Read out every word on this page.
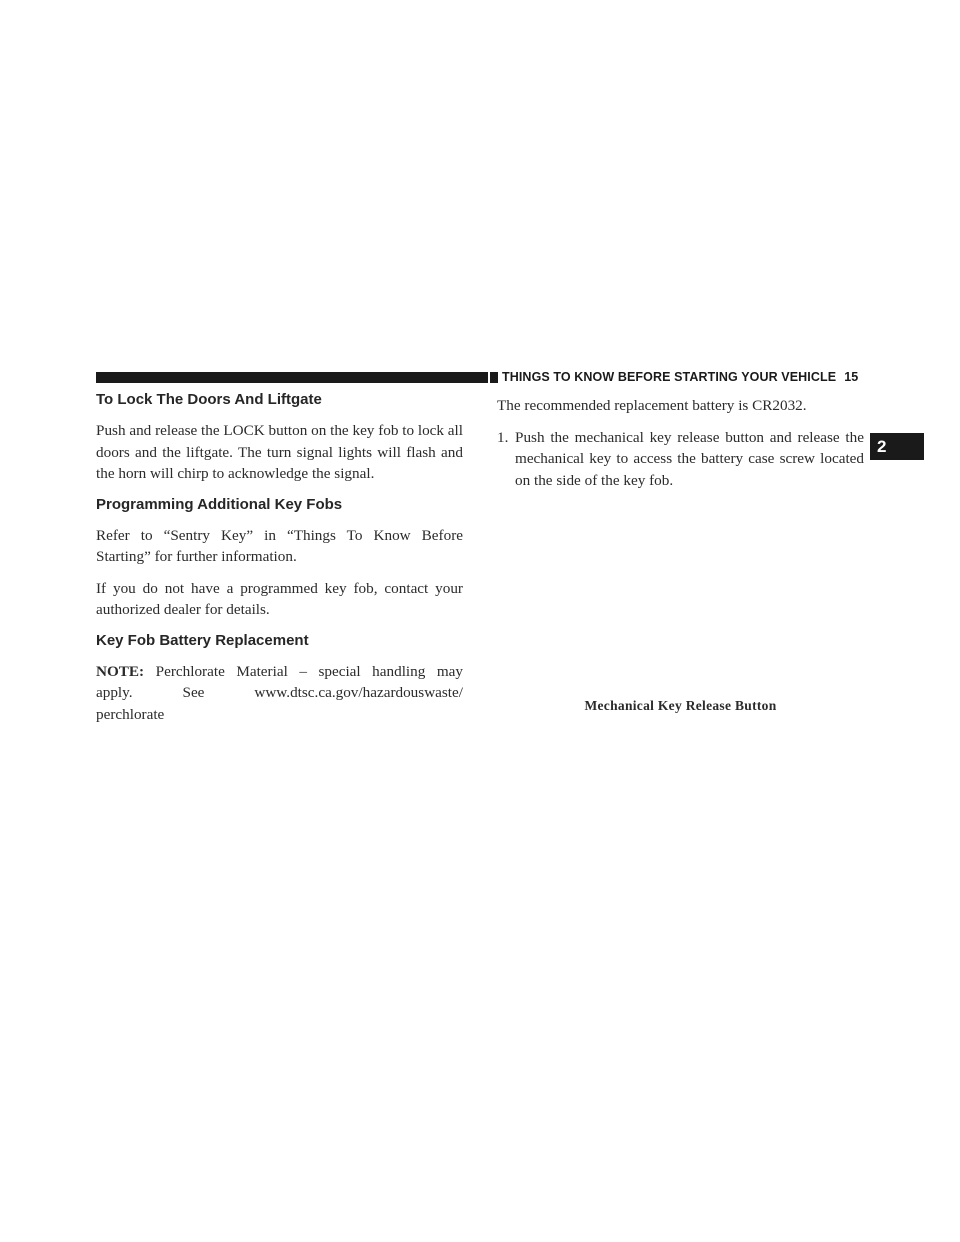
THINGS TO KNOW BEFORE STARTING YOUR VEHICLE 15
2
To Lock The Doors And Liftgate

Push and release the LOCK button on the key fob to lock all doors and the liftgate. The turn signal lights will flash and the horn will chirp to acknowledge the signal.

Programming Additional Key Fobs

Refer to “Sentry Key” in “Things To Know Before Starting” for further information.

If you do not have a programmed key fob, contact your authorized dealer for details.

Key Fob Battery Replacement

NOTE: Perchlorate Material – special handling may

apply. See www.dtsc.ca.gov/hazardouswaste/

perchlorate

The recommended replacement battery is CR2032.

1. Push the mechanical key release button and release the mechanical key to access the battery case screw located on the side of the key fob.
Mechanical Key Release Button
